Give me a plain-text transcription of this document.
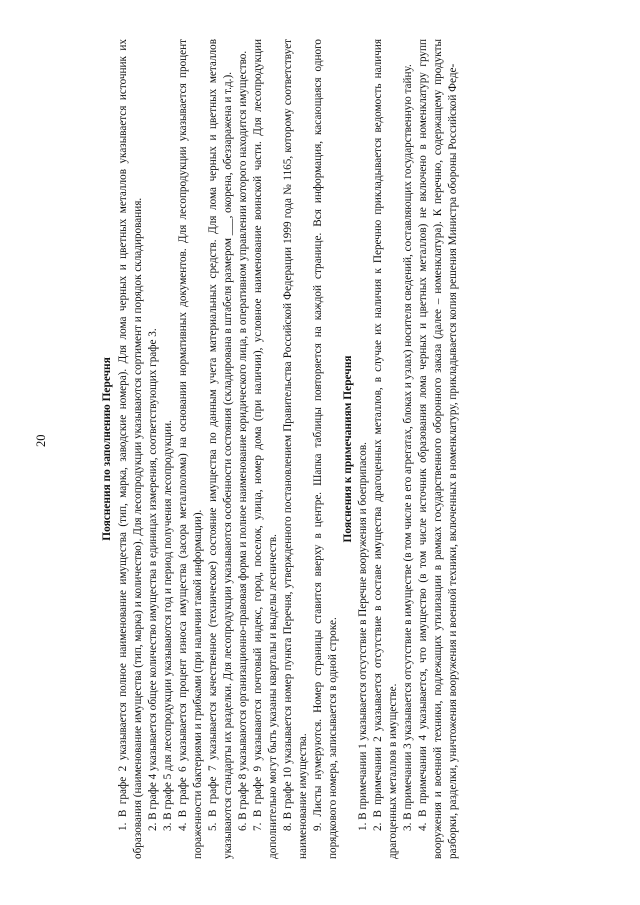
20	Пояснения по заполнению Перечня 1. В графе 2 указывается полное наименование имущества (тип, марка, заводские номера). Для лома черных и цветных металлов указывается источник их образования (наименование имущества (тип, марка) и количество). Для лесопродукции указываются сортимент и порядок складирования. 2. В графе 4 указывается общее количество имущества в единицах измерения, соответствующих графе 3. 3. В графе 5 для лесопродукции указываются год и период получения лесопродукции. 4. В графе 6 указывается процент износа имущества (засора металлолома) на основании нормативных документов. Для лесопродукции указывается процент пораженности бактериями и грибками (при наличии такой информации). 5. В графе 7 указывается качественное (техническое) состояние имущества по данным учета материальных средств. Для лома черных и цветных металлов указываются стандарты их разделки. Для лесопродукции указываются особенности состояния (складирована в штабеля размером ___, окорена, обеззаражена и т.д.). 6. В графе 8 указываются организационно-правовая форма и полное наименование юридического лица, в оперативном управлении которого находится имущество. 7. В графе 9 указываются почтовый индекс, город, поселок, улица, номер дома (при наличии), условное наименование воинской части. Для лесопродукции дополнительно могут быть указаны кварталы и выделы лесничеств. 8. В графе 10 указывается номер пункта Перечня, утвержденного постановлением Правительства Российской Федерации 1999 года № 1165, которому соответствует наименование имущества. 9. Листы нумеруются. Номер страницы ставится вверху в центре. Шапка таблицы повторяется на каждой странице. Вся информация, касающаяся одного порядкового номера, записывается в одной строке.

Пояснения к примечаниям Перечня 1. В примечании 1 указывается отсутствие в Перечне вооружения и боеприпасов. 2. В примечании 2 указывается отсутствие в составе имущества драгоценных металлов, в случае их наличия к Перечню прикладывается ведомость наличия драгоценных металлов в имуществе. 3. В примечании 3 указывается отсутствие в имуществе (в том числе в его агрегатах, блоках и узлах) носителя сведений, составляющих государственную тайну. 4. В примечании 4 указывается, что имущество (в том числе источник образования лома черных и цветных металлов) не включено в номенклатуру групп вооружения и военной техники, подлежащих утилизации в рамках государственного оборонного заказа (далее – номенклатура). К перечню, содержащему продукты разборки, разделки, уничтожения вооружения и военной техники, включенных в номенклатуру, прикладывается копия решения Министра обороны Российской Феде-
